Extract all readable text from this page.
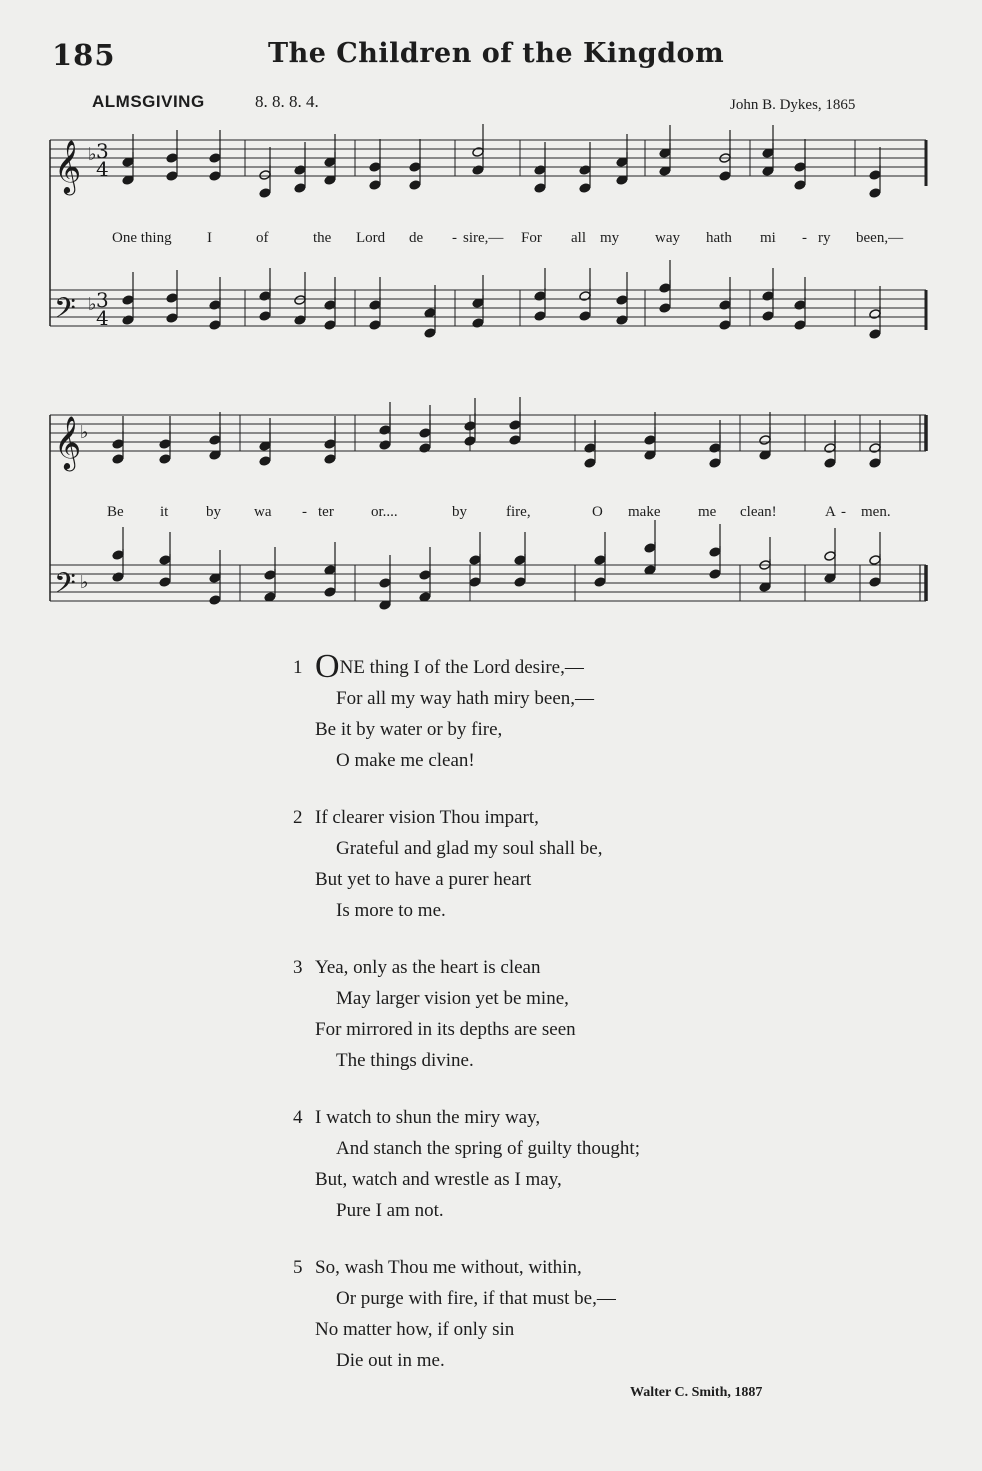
185	The Children of the Kingdom
ALMSGIVING	8. 8. 8. 4.	John B. Dykes, 1865
𝄞
𝄢
𝄞
𝄢
♭
♭
♭
♭
3
4
3
4
One thing I	of	the Lord de - sire,— For all my way hath mi - ry been,—
Be it	by wa - ter or....	by	fire,	O make	me clean!	A - men.
1 ONE thing I of the Lord desire,—
For all my way hath miry been,—
Be it by water or by fire,
O make me clean!
2 If clearer vision Thou impart,
Grateful and glad my soul shall be,
But yet to have a purer heart
Is more to me.
3 Yea, only as the heart is clean
May larger vision yet be mine,
For mirrored in its depths are seen
The things divine.
4 I watch to shun the miry way,
And stanch the spring of guilty thought;
But, watch and wrestle as I may,
Pure I am not.
5 So, wash Thou me without, within,
Or purge with fire, if that must be,—
No matter how, if only sin
Die out in me.
Walter C. Smith, 1887
